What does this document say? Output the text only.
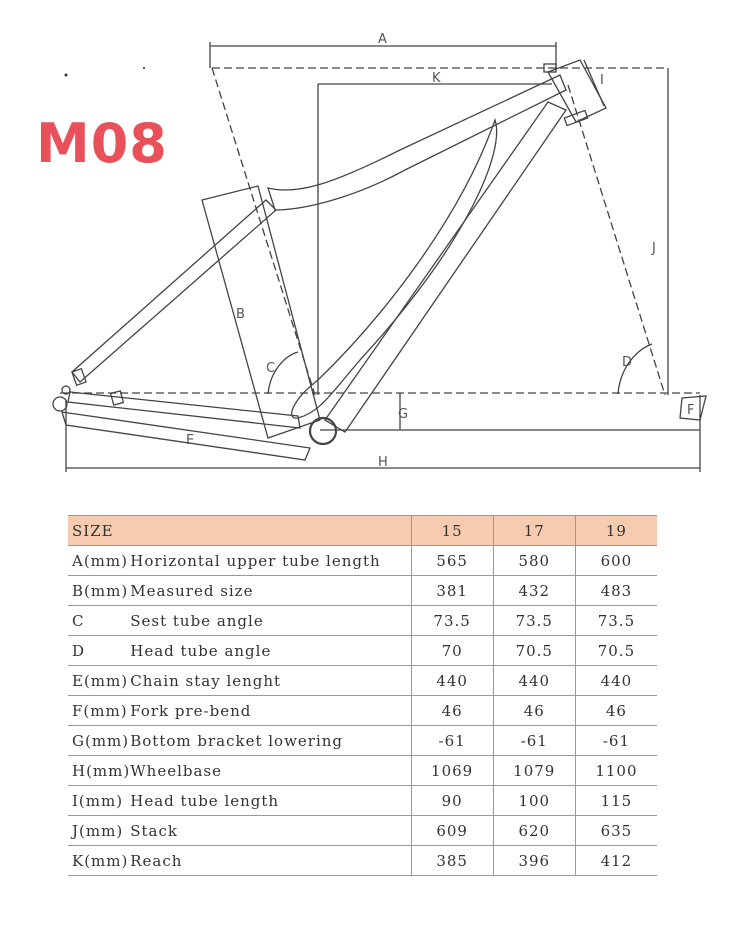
M08
A
K	I
J
B
C	D
G
E
F
H
SIZE		15	17	19
A(mm)	Horizontal upper tube length	565	580	600
B(mm)	Measured size	381	432	483
C	Sest tube angle	73.5	73.5	73.5
D	Head tube angle	70	70.5	70.5
E(mm)	Chain stay lenght	440	440	440
F(mm)	Fork pre-bend	46	46	46
G(mm)	Bottom bracket lowering	-61	-61	-61
H(mm)	Wheelbase	1069	1079	1100
I(mm)	Head tube length	90	100	115
J(mm)	Stack	609	620	635
K(mm)	Reach	385	396	412
